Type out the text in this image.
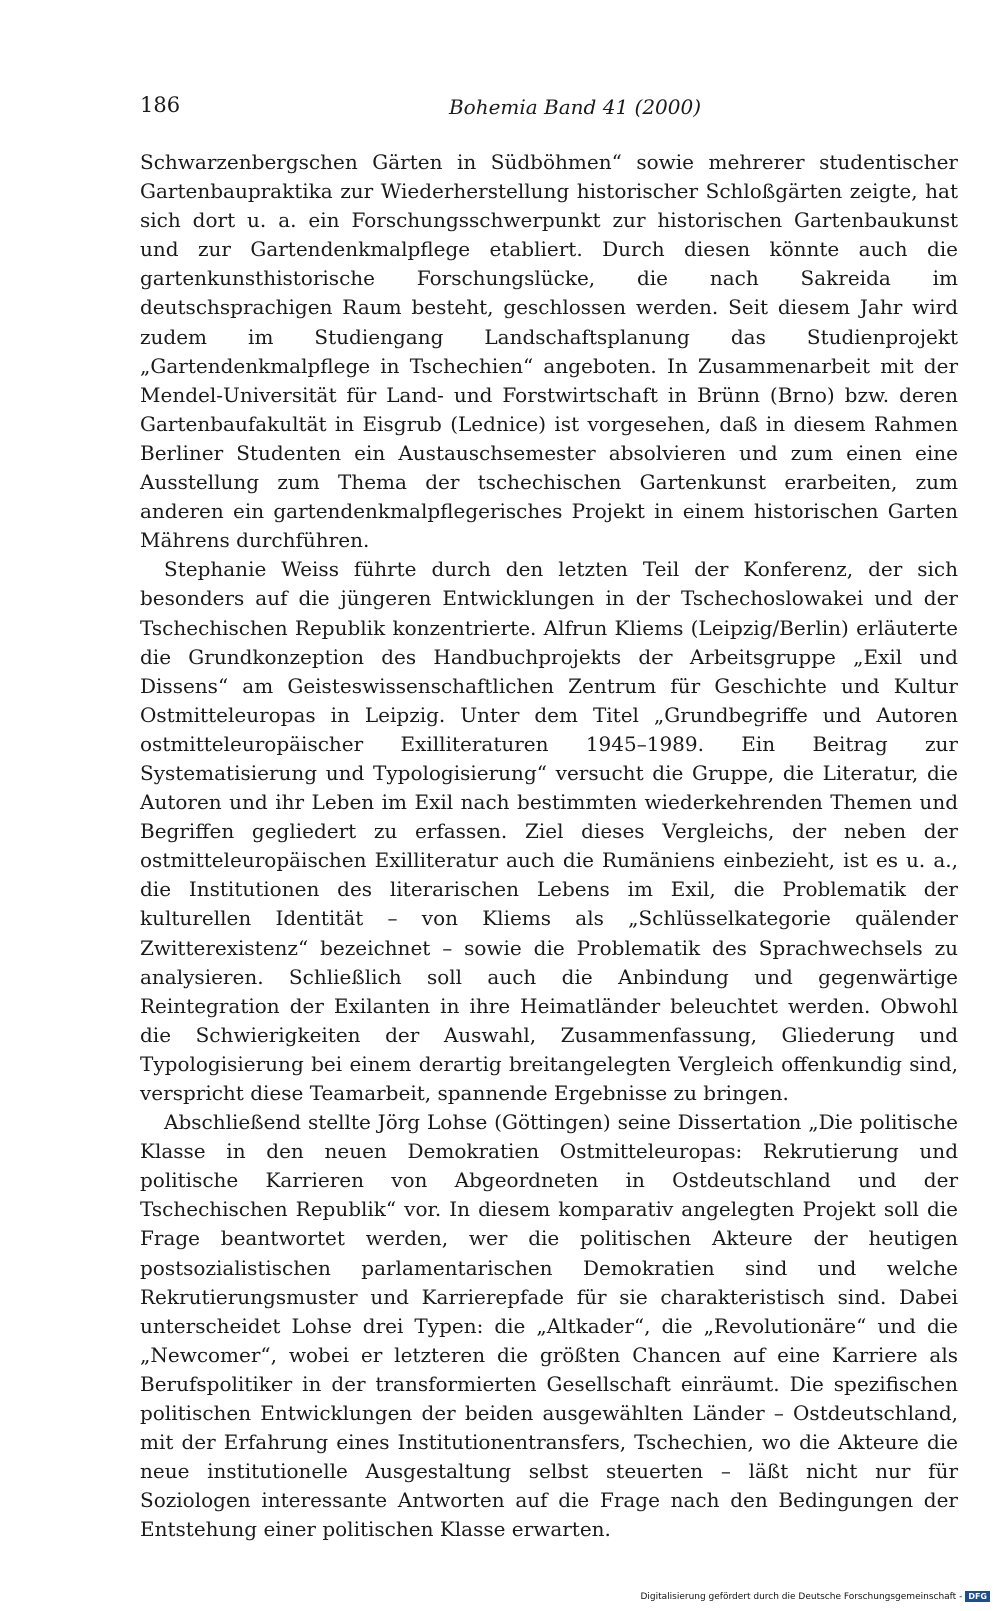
186	Bohemia Band 41 (2000)

Schwarzenbergschen Gärten in Südböhmen“ sowie mehrerer studentischer Gartenbaupraktika zur Wiederherstellung historischer Schloßgärten zeigte, hat sich dort u. a. ein Forschungsschwerpunkt zur historischen Gartenbaukunst und zur Gartendenkmalpflege etabliert. Durch diesen könnte auch die gartenkunsthistorische Forschungslücke, die nach Sakreida im deutschsprachigen Raum besteht, geschlossen werden. Seit diesem Jahr wird zudem im Studiengang Landschaftsplanung das Studienprojekt „Gartendenkmalpflege in Tschechien“ angeboten. In Zusammenarbeit mit der Mendel-Universität für Land- und Forstwirtschaft in Brünn (Brno) bzw. deren Gartenbaufakultät in Eisgrub (Lednice) ist vorgesehen, daß in diesem Rahmen Berliner Studenten ein Austauschsemester absolvieren und zum einen eine Ausstellung zum Thema der tschechischen Gartenkunst erarbeiten, zum anderen ein gartendenkmalpflegerisches Projekt in einem historischen Garten Mährens durchführen.

Stephanie Weiss führte durch den letzten Teil der Konferenz, der sich besonders auf die jüngeren Entwicklungen in der Tschechoslowakei und der Tschechischen Republik konzentrierte. Alfrun Kliems (Leipzig/Berlin) erläuterte die Grundkonzeption des Handbuchprojekts der Arbeitsgruppe „Exil und Dissens“ am Geisteswissenschaftlichen Zentrum für Geschichte und Kultur Ostmitteleuropas in Leipzig. Unter dem Titel „Grundbegriffe und Autoren ostmitteleuropäischer Exilliteraturen 1945–1989. Ein Beitrag zur Systematisierung und Typologisierung“ versucht die Gruppe, die Literatur, die Autoren und ihr Leben im Exil nach bestimmten wiederkehrenden Themen und Begriffen gegliedert zu erfassen. Ziel dieses Vergleichs, der neben der ostmitteleuropäischen Exilliteratur auch die Rumäniens einbezieht, ist es u. a., die Institutionen des literarischen Lebens im Exil, die Problematik der kulturellen Identität – von Kliems als „Schlüsselkategorie quälender Zwitterexistenz“ bezeichnet – sowie die Problematik des Sprachwechsels zu analysieren. Schließlich soll auch die Anbindung und gegenwärtige Reintegration der Exilanten in ihre Heimatländer beleuchtet werden. Obwohl die Schwierigkeiten der Auswahl, Zusammenfassung, Gliederung und Typologisierung bei einem derartig breitangelegten Vergleich offenkundig sind, verspricht diese Teamarbeit, spannende Ergebnisse zu bringen.

Abschließend stellte Jörg Lohse (Göttingen) seine Dissertation „Die politische Klasse in den neuen Demokratien Ostmitteleuropas: Rekrutierung und politische Karrieren von Abgeordneten in Ostdeutschland und der Tschechischen Republik“ vor. In diesem komparativ angelegten Projekt soll die Frage beantwortet werden, wer die politischen Akteure der heutigen postsozialistischen parlamentarischen Demokratien sind und welche Rekrutierungsmuster und Karrierepfade für sie charakteristisch sind. Dabei unterscheidet Lohse drei Typen: die „Altkader“, die „Revolutionäre“ und die „Newcomer“, wobei er letzteren die größten Chancen auf eine Karriere als Berufspolitiker in der transformierten Gesellschaft einräumt. Die spezifischen politischen Entwicklungen der beiden ausgewählten Länder – Ostdeutschland, mit der Erfahrung eines Institutionentransfers, Tschechien, wo die Akteure die neue institutionelle Ausgestaltung selbst steuerten – läßt nicht nur für Soziologen interessante Antworten auf die Frage nach den Bedingungen der Entstehung einer politischen Klasse erwarten.

Digitalisierung gefördert durch die Deutsche Forschungsgemeinschaft - DFG
